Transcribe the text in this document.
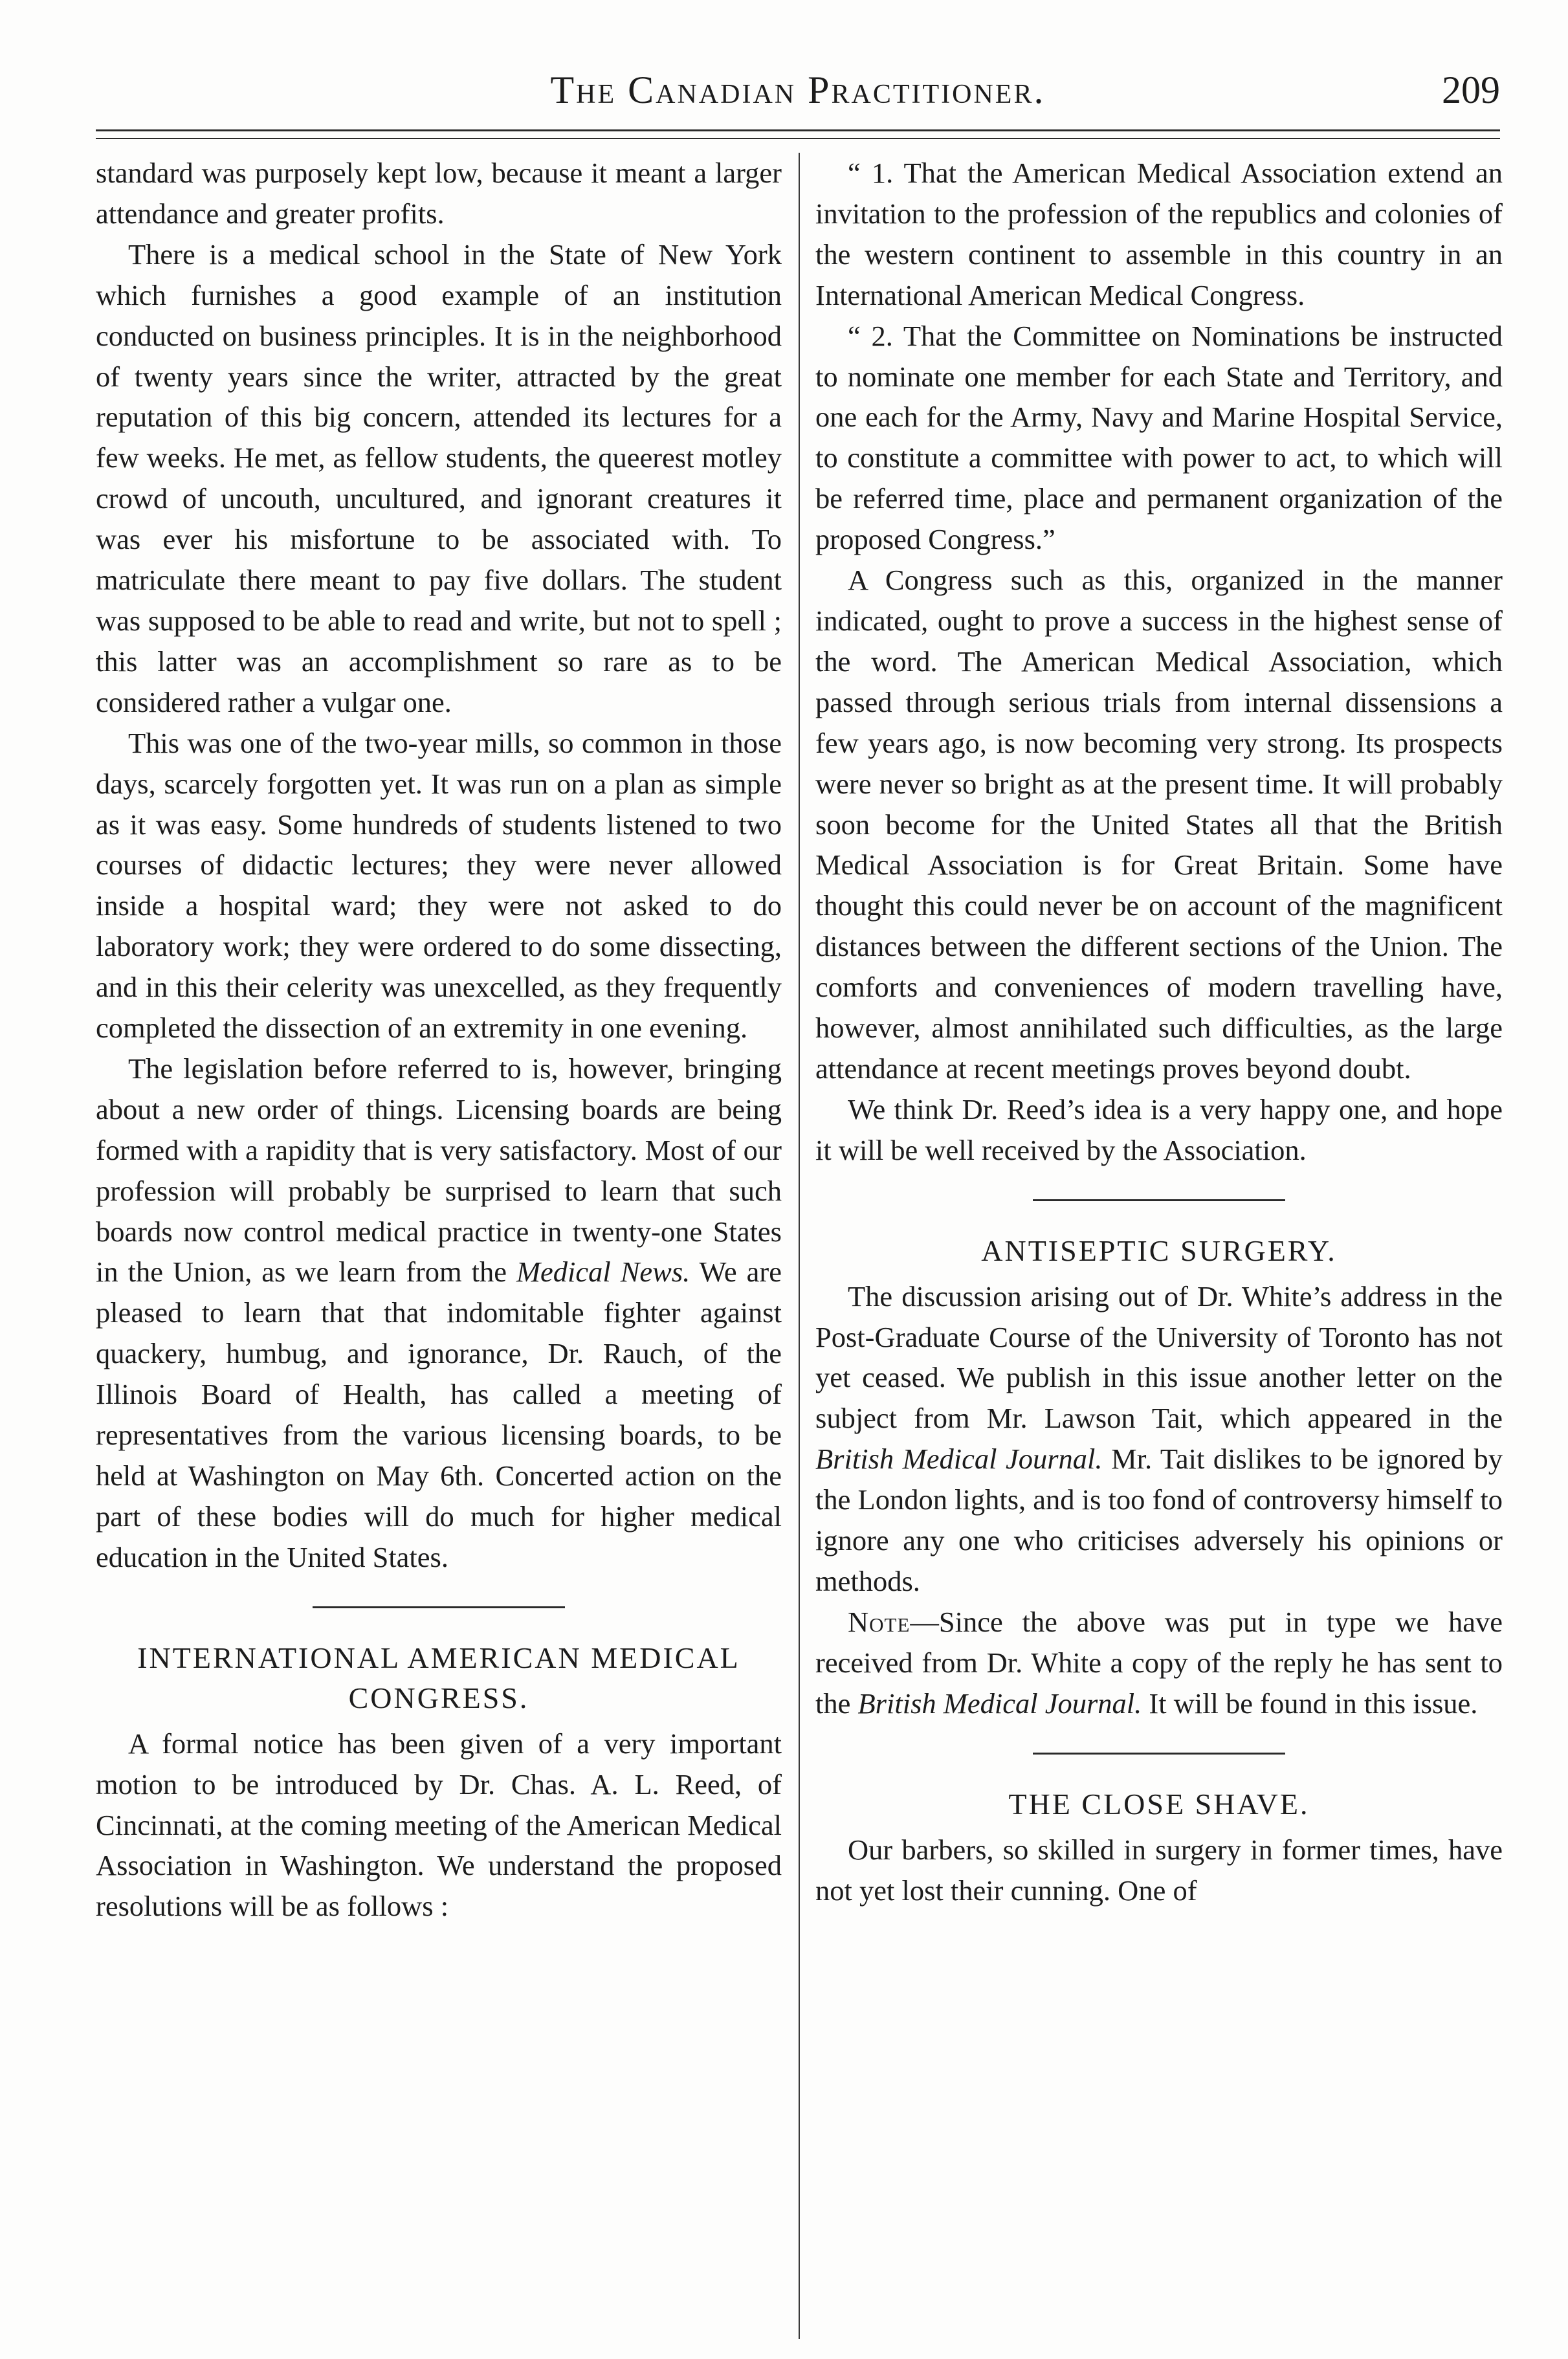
The Canadian Practitioner.	209

standard was purposely kept low, because it meant a larger attendance and greater profits.

There is a medical school in the State of New York which furnishes a good example of an institution conducted on business principles. It is in the neighborhood of twenty years since the writer, attracted by the great reputation of this big concern, attended its lectures for a few weeks. He met, as fellow students, the queerest motley crowd of uncouth, uncultured, and ignorant creatures it was ever his misfortune to be associated with. To matriculate there meant to pay five dollars. The student was supposed to be able to read and write, but not to spell ; this latter was an accomplishment so rare as to be considered rather a vulgar one.

This was one of the two-year mills, so common in those days, scarcely forgotten yet. It was run on a plan as simple as it was easy. Some hundreds of students listened to two courses of didactic lectures; they were never allowed inside a hospital ward; they were not asked to do laboratory work; they were ordered to do some dissecting, and in this their celerity was unexcelled, as they frequently completed the dissection of an extremity in one evening.

The legislation before referred to is, however, bringing about a new order of things. Licensing boards are being formed with a rapidity that is very satisfactory. Most of our profession will probably be surprised to learn that such boards now control medical practice in twenty-one States in the Union, as we learn from the Medical News. We are pleased to learn that that indomitable fighter against quackery, humbug, and ignorance, Dr. Rauch, of the Illinois Board of Health, has called a meeting of representatives from the various licensing boards, to be held at Washington on May 6th. Concerted action on the part of these bodies will do much for higher medical education in the United States.

INTERNATIONAL AMERICAN MEDICAL CONGRESS.

A formal notice has been given of a very important motion to be introduced by Dr. Chas. A. L. Reed, of Cincinnati, at the coming meeting of the American Medical Association in Washington. We understand the proposed resolutions will be as follows :

“ 1. That the American Medical Association extend an invitation to the profession of the republics and colonies of the western continent to assemble in this country in an International American Medical Congress.

“ 2. That the Committee on Nominations be instructed to nominate one member for each State and Territory, and one each for the Army, Navy and Marine Hospital Service, to constitute a committee with power to act, to which will be referred time, place and permanent organization of the proposed Congress.”

A Congress such as this, organized in the manner indicated, ought to prove a success in the highest sense of the word. The American Medical Association, which passed through serious trials from internal dissensions a few years ago, is now becoming very strong. Its prospects were never so bright as at the present time. It will probably soon become for the United States all that the British Medical Association is for Great Britain. Some have thought this could never be on account of the magnificent distances between the different sections of the Union. The comforts and conveniences of modern travelling have, however, almost annihilated such difficulties, as the large attendance at recent meetings proves beyond doubt.

We think Dr. Reed’s idea is a very happy one, and hope it will be well received by the Association.

ANTISEPTIC SURGERY.

The discussion arising out of Dr. White’s address in the Post-Graduate Course of the University of Toronto has not yet ceased. We publish in this issue another letter on the subject from Mr. Lawson Tait, which appeared in the British Medical Journal. Mr. Tait dislikes to be ignored by the London lights, and is too fond of controversy himself to ignore any one who criticises adversely his opinions or methods.

Note—Since the above was put in type we have received from Dr. White a copy of the reply he has sent to the British Medical Journal. It will be found in this issue.

THE CLOSE SHAVE.

Our barbers, so skilled in surgery in former times, have not yet lost their cunning. One of
